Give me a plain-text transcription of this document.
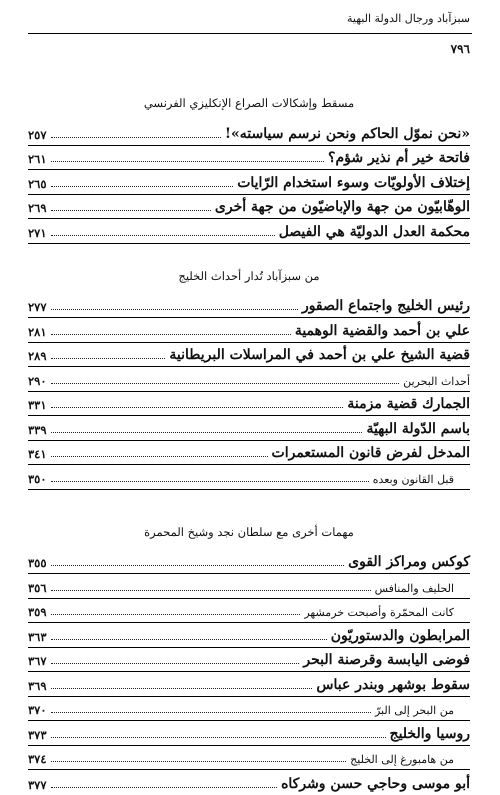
سبزآباد ورجال الدولة البهية
٧٩٦
مسقط وإشكالات الصراع الإنكليزي الفرنسي
«نحن نموّل الحاكم ونحن نرسم سياسته»!
٢٥٧
فاتحة خير أم نذير شؤم؟
٢٦١
إختلاف الأولويّات وسوء استخدام الرّايات
٢٦٥
الوهّابيّون من جهة والإباضيّون من جهة أخرى
٢٦٩
محكمة العدل الدوليّة هي الفيصل
٢٧١
من سبزآباد تُدار أحداث الخليج
رئيس الخليج واجتماع الصقور
٢٧٧
علي بن أحمد والقضية الوهمية
٢٨١
قضية الشيخ علي بن أحمد في المراسلات البريطانية
٢٨٩
أحداث البحرين
٢٩٠
الجمارك قضية مزمنة
٣٣١
باسم الدّولة البهيّة
٣٣٩
المدخل لفرض قانون المستعمرات
٣٤١
قبل القانون وبعده
٣٥٠
مهمات أخرى مع سلطان نجد وشيخ المحمرة
كوكس ومراكز القوى
٣٥٥
الحليف والمنافس
٣٥٦
كانت المحمّرة وأصبحت خرمشهر
٣٥٩
المرابطون والدستوريّون
٣٦٣
فوضى اليابسة وقرصنة البحر
٣٦٧
سقوط بوشهر وبندر عباس
٣٦٩
من البحر إلى البرّ
٣٧٠
روسيا والخليج
٣٧٣
من هامبورغ إلى الخليج
٣٧٤
أبو موسى وحاجي حسن وشركاه
٣٧٧
